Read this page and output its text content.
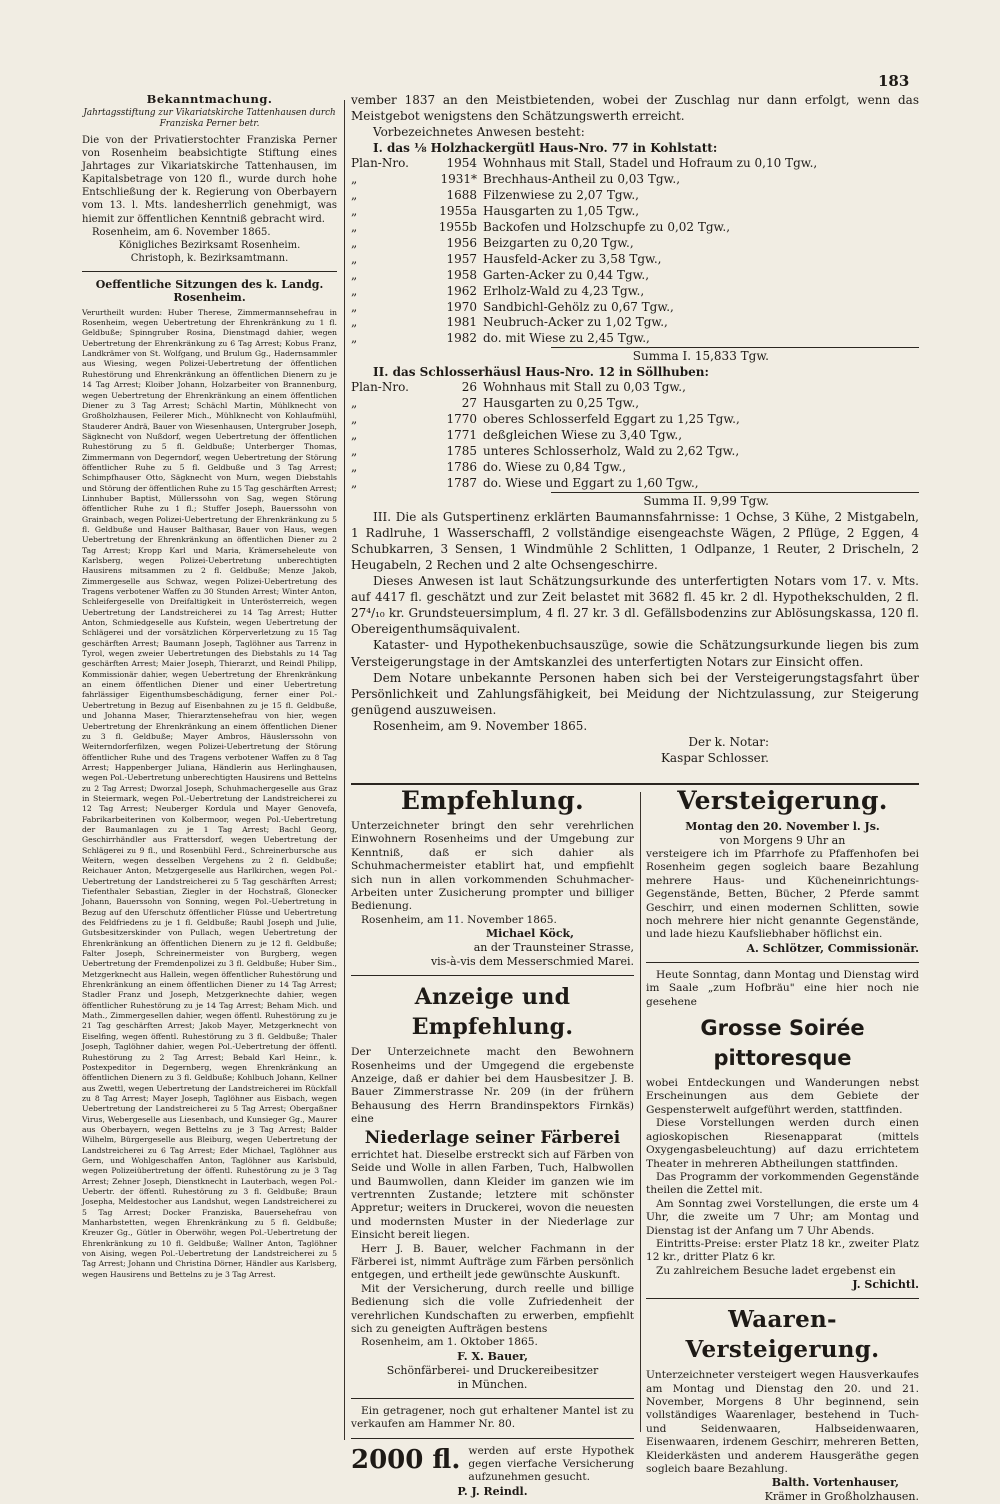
183

Bekanntmachung.

Jahrtagsstiftung zur Vikariatskirche Tattenhausen durch Franziska Perner betr.

Die von der Privatierstochter Franziska Perner von Rosenheim beabsichtigte Stiftung eines Jahrtages zur Vikariatskirche Tattenhausen, im Kapitalsbetrage von 120 fl., wurde durch hohe Entschließung der k. Regierung von Oberbayern vom 13. l. Mts. landesherrlich genehmigt, was hiemit zur öffentlichen Kenntniß gebracht wird.

Rosenheim, am 6. November 1865.

Königliches Bezirksamt Rosenheim.

Christoph, k. Bezirksamtmann.

Oeffentliche Sitzungen des k. Landg. Rosenheim.

Verurtheilt wurden: Huber Therese, Zimmermannsehefrau in Rosenheim, wegen Uebertretung der Ehrenkränkung zu 1 fl. Geldbuße; Spinngruber Rosina, Dienstmagd dahier, wegen Uebertretung der Ehrenkränkung zu 6 Tag Arrest; Kobus Franz, Landkrämer von St. Wolfgang, und Brulum Gg., Hadernsammler aus Wiesing, wegen Polizei-Uebertretung der öffentlichen Ruhestörung und Ehrenkränkung an öffentlichen Dienern zu je 14 Tag Arrest; Kloiber Johann, Holzarbeiter von Brannenburg, wegen Uebertretung der Ehrenkränkung an einem öffentlichen Diener zu 3 Tag Arrest; Schächl Martin, Mühlknecht von Großholzhausen, Feilerer Mich., Mühlknecht von Kohlaufmühl, Stauderer Andrä, Bauer von Wiesenhausen, Untergruber Joseph, Sägknecht von Nußdorf, wegen Uebertretung der öffentlichen Ruhestörung zu 5 fl. Geldbuße; Unterberger Thomas, Zimmermann von Degerndorf, wegen Uebertretung der Störung öffentlicher Ruhe zu 5 fl. Geldbuße und 3 Tag Arrest; Schimpfhauser Otto, Sägknecht von Murn, wegen Diebstahls und Störung der öffentlichen Ruhe zu 15 Tag geschärften Arrest; Linnhuber Baptist, Müllerssohn von Sag, wegen Störung öffentlicher Ruhe zu 1 fl.; Stuffer Joseph, Bauerssohn von Grainbach, wegen Polizei-Uebertretung der Ehrenkränkung zu 5 fl. Geldbuße und Hauser Balthasar, Bauer von Haus, wegen Uebertretung der Ehrenkränkung an öffentlichen Diener zu 2 Tag Arrest; Kropp Karl und Maria, Krämerseheleute von Karlsberg, wegen Polizei-Uebertretung unberechtigten Hausirens mitsammen zu 2 fl. Geldbuße; Menze Jakob, Zimmergeselle aus Schwaz, wegen Polizei-Uebertretung des Tragens verbotener Waffen zu 30 Stunden Arrest; Winter Anton, Schleifergeselle von Dreifaltigkeit in Unterösterreich, wegen Uebertretung der Landstreicherei zu 14 Tag Arrest; Hutter Anton, Schmiedgeselle aus Kufstein, wegen Uebertretung der Schlägerei und der vorsätzlichen Körperverletzung zu 15 Tag geschärften Arrest; Baumann Joseph, Taglöhner aus Tarrenz in Tyrol, wegen zweier Uebertretungen des Diebstahls zu 14 Tag geschärften Arrest; Maier Joseph, Thierarzt, und Reindl Philipp, Kommissionär dahier, wegen Uebertretung der Ehrenkränkung an einem öffentlichen Diener und einer Uebertretung fahrlässiger Eigenthumsbeschädigung, ferner einer Pol.-Uebertretung in Bezug auf Eisenbahnen zu je 15 fl. Geldbuße, und Johanna Maser, Thierarztensehefrau von hier, wegen Uebertretung der Ehrenkränkung an einem öffentlichen Diener zu 3 fl. Geldbuße; Mayer Ambros, Häuslerssohn von Weiterndorferfilzen, wegen Polizei-Uebertretung der Störung öffentlicher Ruhe und des Tragens verbotener Waffen zu 8 Tag Arrest; Happenberger Juliana, Händlerin aus Herlinghausen, wegen Pol.-Uebertretung unberechtigten Hausirens und Bettelns zu 2 Tag Arrest; Dworzal Joseph, Schuhmachergeselle aus Graz in Steiermark, wegen Pol.-Uebertretung der Landstreicherei zu 12 Tag Arrest; Neuberger Kordula und Mayer Genovefa, Fabrikarbeiterinen von Kolbermoor, wegen Pol.-Uebertretung der Baumanlagen zu je 1 Tag Arrest; Bachl Georg, Geschirrhändler aus Frattersdorf, wegen Uebertretung der Schlägerei zu 9 fl., und Rosenbühl Ferd., Schreinerbursche aus Weitern, wegen desselben Vergehens zu 2 fl. Geldbuße; Reichauer Anton, Metzgergeselle aus Harlkirchen, wegen Pol.-Uebertretung der Landstreicherei zu 5 Tag geschärften Arrest; Tiefenthaler Sebastian, Ziegler in der Hochstraß, Glonecker Johann, Bauerssohn von Sonning, wegen Pol.-Uebertretung in Bezug auf den Uferschutz öffentlicher Flüsse und Uebertretung des Feldfriedens zu je 1 fl. Geldbuße; Raubl Joseph und Julie, Gutsbesitzerskinder von Pullach, wegen Uebertretung der Ehrenkränkung an öffentlichen Dienern zu je 12 fl. Geldbuße; Falter Joseph, Schreinermeister von Burgberg, wegen Uebertretung der Fremdenpolizei zu 3 fl. Geldbuße; Huber Sim., Metzgerknecht aus Hallein, wegen öffentlicher Ruhestörung und Ehrenkränkung an einem öffentlichen Diener zu 14 Tag Arrest; Stadler Franz und Joseph, Metzgerknechte dahier, wegen öffentlicher Ruhestörung zu je 14 Tag Arrest; Beham Mich. und Math., Zimmergesellen dahier, wegen öffentl. Ruhestörung zu je 21 Tag geschärften Arrest; Jakob Mayer, Metzgerknecht von Eiselfing, wegen öffentl. Ruhestörung zu 3 fl. Geldbuße; Thaler Joseph, Taglöhner dahier, wegen Pol.-Uebertretung der öffentl. Ruhestörung zu 2 Tag Arrest; Bebald Karl Heinr., k. Postexpeditor in Degernberg, wegen Ehrenkränkung an öffentlichen Dienern zu 3 fl. Geldbuße; Kohlbuch Johann, Kellner aus Zwettl, wegen Uebertretung der Landstreicherei im Rückfall zu 8 Tag Arrest; Mayer Joseph, Taglöhner aus Eisbach, wegen Uebertretung der Landstreicherei zu 5 Tag Arrest; Obergaßner Virus, Webergeselle aus Liesenbach, und Kunsieger Gg., Maurer aus Oberbayern, wegen Bettelns zu je 3 Tag Arrest; Balder Wilhelm, Bürgergeselle aus Bleiburg, wegen Uebertretung der Landstreicherei zu 6 Tag Arrest; Eder Michael, Taglöhner aus Gern, und Wohlgeschaffen Anton, Taglöhner aus Karlsbuld, wegen Polizeiübertretung der öffentl. Ruhestörung zu je 3 Tag Arrest; Zehner Joseph, Dienstknecht in Lauterbach, wegen Pol.-Uebertr. der öffentl. Ruhestörung zu 3 fl. Geldbuße; Braun Josepha, Meldestocher aus Landshut, wegen Landstreicherei zu 5 Tag Arrest; Docker Franziska, Bauersehefrau von Manharbstetten, wegen Ehrenkränkung zu 5 fl. Geldbuße; Kreuzer Gg., Gütler in Oberwöhr, wegen Pol.-Uebertretung der Ehrenkränkung zu 10 fl. Geldbuße; Wallner Anton, Taglöhner von Aising, wegen Pol.-Uebertretung der Landstreicherei zu 5 Tag Arrest; Johann und Christina Dörner, Händler aus Karlsberg, wegen Hausirens und Bettelns zu je 3 Tag Arrest.

vember 1837 an den Meistbietenden, wobei der Zuschlag nur dann erfolgt, wenn das Meistgebot wenigstens den Schätzungswerth erreicht.

Vorbezeichnetes Anwesen besteht:

I. das ⅛ Holzhackergütl Haus-Nro. 77 in Kohlstatt:

Plan-Nro.	1954 Wohnhaus mit Stall, Stadel und Hofraum zu 0,10 Tgw.,
„	1931* Brechhaus-Antheil zu 0,03 Tgw.,
„	1688 Filzenwiese zu 2,07 Tgw.,
„	1955a Hausgarten zu 1,05 Tgw.,
„	1955b Backofen und Holzschupfe zu 0,02 Tgw.,
„	1956 Beizgarten zu 0,20 Tgw.,
„	1957 Hausfeld-Acker zu 3,58 Tgw.,
„	1958 Garten-Acker zu 0,44 Tgw.,
„	1962 Erlholz-Wald zu 4,23 Tgw.,
„	1970 Sandbichl-Gehölz zu 0,67 Tgw.,
„	1981 Neubruch-Acker zu 1,02 Tgw.,
„	1982 do. mit Wiese zu 2,45 Tgw.,
Summa I. 15,833 Tgw.

II. das Schlosserhäusl Haus-Nro. 12 in Söllhuben:

Plan-Nro.	26 Wohnhaus mit Stall zu 0,03 Tgw.,
„	27 Hausgarten zu 0,25 Tgw.,
„	1770 oberes Schlosserfeld Eggart zu 1,25 Tgw.,
„	1771 deßgleichen Wiese zu 3,40 Tgw.,
„	1785 unteres Schlosserholz, Wald zu 2,62 Tgw.,
„	1786 do. Wiese zu 0,84 Tgw.,
„	1787 do. Wiese und Eggart zu 1,60 Tgw.,
Summa II. 9,99 Tgw.

III. Die als Gutspertinenz erklärten Baumannsfahrnisse: 1 Ochse, 3 Kühe, 2 Mistgabeln, 1 Radlruhe, 1 Wasserschaffl, 2 vollständige eisengeachste Wägen, 2 Pflüge, 2 Eggen, 4 Schubkarren, 3 Sensen, 1 Windmühle 2 Schlitten, 1 Odlpanze, 1 Reuter, 2 Drischeln, 2 Heugabeln, 2 Rechen und 2 alte Ochsengeschirre.

Dieses Anwesen ist laut Schätzungsurkunde des unterfertigten Notars vom 17. v. Mts. auf 4417 fl. geschätzt und zur Zeit belastet mit 3682 fl. 45 kr. 2 dl. Hypothekschulden, 2 fl. 27⁴/₁₀ kr. Grundsteuersimplum, 4 fl. 27 kr. 3 dl. Gefällsbodenzins zur Ablösungskassa, 120 fl. Obereigenthumsäquivalent.

Kataster- und Hypothekenbuchsauszüge, sowie die Schätzungsurkunde liegen bis zum Versteigerungstage in der Amtskanzlei des unterfertigten Notars zur Einsicht offen.

Dem Notare unbekannte Personen haben sich bei der Versteigerungstagsfahrt über Persönlichkeit und Zahlungsfähigkeit, bei Meidung der Nichtzulassung, zur Steigerung genügend auszuweisen.

Rosenheim, am 9. November 1865.

Der k. Notar:

Kaspar Schlosser.

Empfehlung.

Unterzeichneter bringt den sehr verehrlichen Einwohnern Rosenheims und der Umgebung zur Kenntniß, daß er sich dahier als Schuhmachermeister etablirt hat, und empfiehlt sich nun in allen vorkommenden Schuhmacher-Arbeiten unter Zusicherung prompter und billiger Bedienung.

Rosenheim, am 11. November 1865.

Michael Köck,

an der Traunsteiner Strasse,

vis-à-vis dem Messerschmied Marei.

Anzeige und Empfehlung.

Der Unterzeichnete macht den Bewohnern Rosenheims und der Umgegend die ergebenste Anzeige, daß er dahier bei dem Hausbesitzer J. B. Bauer Zimmerstrasse Nr. 209 (in der frühern Behausung des Herrn Brandinspektors Firnkäs) eine

Niederlage seiner Färberei

errichtet hat. Dieselbe erstreckt sich auf Färben von Seide und Wolle in allen Farben, Tuch, Halbwollen und Baumwollen, dann Kleider im ganzen wie im vertrennten Zustande; letztere mit schönster Appretur; weiters in Druckerei, wovon die neuesten und modernsten Muster in der Niederlage zur Einsicht bereit liegen.

Herr J. B. Bauer, welcher Fachmann in der Färberei ist, nimmt Aufträge zum Färben persönlich entgegen, und ertheilt jede gewünschte Auskunft.

Mit der Versicherung, durch reelle und billige Bedienung sich die volle Zufriedenheit der verehrlichen Kundschaften zu erwerben, empfiehlt sich zu geneigten Aufträgen bestens

Rosenheim, am 1. Oktober 1865.

F. X. Bauer,

Schönfärberei- und Druckereibesitzer

in München.

Ein getragener, noch gut erhaltener Mantel ist zu verkaufen am Hammer Nr. 80.

2000 fl. werden auf erste Hypothek gegen vierfache Versicherung aufzunehmen gesucht.

P. J. Reindl.

Versteigerung.

Montag den 20. November l. Js.

von Morgens 9 Uhr an

versteigere ich im Pfarrhofe zu Pfaffenhofen bei Rosenheim gegen sogleich baare Bezahlung mehrere Haus- und Kücheneinrichtungs-Gegenstände, Betten, Bücher, 2 Pferde sammt Geschirr, und einen modernen Schlitten, sowie noch mehrere hier nicht genannte Gegenstände, und lade hiezu Kaufsliebhaber höflichst ein.

A. Schlötzer, Commissionär.

Heute Sonntag, dann Montag und Dienstag wird im Saale „zum Hofbräu" eine hier noch nie gesehene

Grosse Soirée pittoresque

wobei Entdeckungen und Wanderungen nebst Erscheinungen aus dem Gebiete der Gespensterwelt aufgeführt werden, stattfinden.

Diese Vorstellungen werden durch einen agioskopischen Riesenapparat (mittels Oxygengasbeleuchtung) auf dazu errichtetem Theater in mehreren Abtheilungen stattfinden.

Das Programm der vorkommenden Gegenstände theilen die Zettel mit.

Am Sonntag zwei Vorstellungen, die erste um 4 Uhr, die zweite um 7 Uhr; am Montag und Dienstag ist der Anfang um 7 Uhr Abends.

Eintritts-Preise: erster Platz 18 kr., zweiter Platz 12 kr., dritter Platz 6 kr.

Zu zahlreichem Besuche ladet ergebenst ein

J. Schichtl.

Waaren-Versteigerung.

Unterzeichneter versteigert wegen Hausverkaufes am Montag und Dienstag den 20. und 21. November, Morgens 8 Uhr beginnend, sein vollständiges Waarenlager, bestehend in Tuch- und Seidenwaaren, Halbseidenwaaren, Eisenwaaren, irdenem Geschirr, mehreren Betten, Kleiderkästen und anderem Hausgeräthe gegen sogleich baare Bezahlung.

Balth. Vortenhauser,

Krämer in Großholzhausen.
